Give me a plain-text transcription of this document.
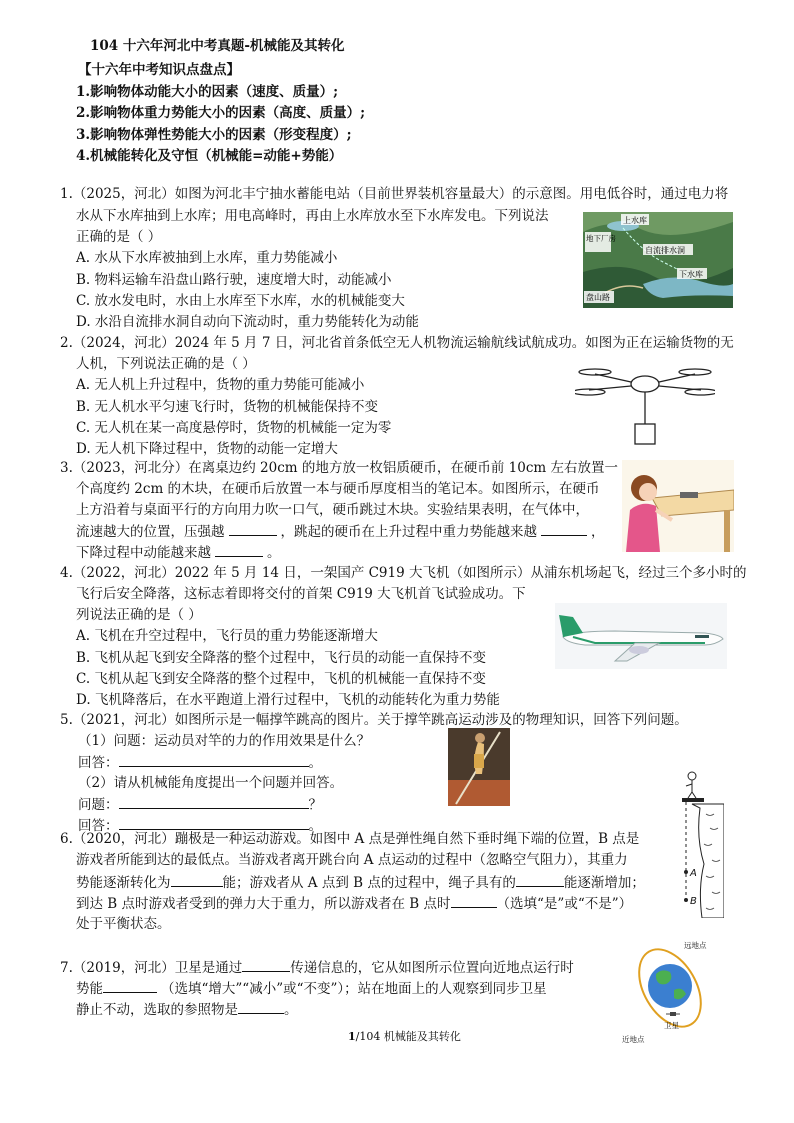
104 十六年河北中考真题-机械能及其转化
【十六年中考知识点盘点】
1.影响物体动能大小的因素（速度、质量）;
2.影响物体重力势能大小的因素（高度、质量）;
3.影响物体弹性势能大小的因素（形变程度）;
4.机械能转化及守恒（机械能=动能+势能）
1.（2025，河北）如图为河北丰宁抽水蓄能电站（目前世界装机容量最大）的示意图。用电低谷时，通过电力将
水从下水库抽到上水库；用电高峰时，再由上水库放水至下水库发电。下列说法
正确的是（ ）
A. 水从下水库被抽到上水库，重力势能减小
B. 物料运输车沿盘山路行驶，速度增大时，动能减小
C. 放水发电时，水由上水库至下水库，水的机械能变大
D. 水沿自流排水洞自动向下流动时，重力势能转化为动能
上水库
地下厂房
自流排水洞
下水库
盘山路
2.（2024，河北）2024 年 5 月 7 日，河北省首条低空无人机物流运输航线试航成功。如图为正在运输货物的无
人机，下列说法正确的是（ ）
A. 无人机上升过程中，货物的重力势能可能减小
B. 无人机水平匀速飞行时，货物的机械能保持不变
C. 无人机在某一高度悬停时，货物的机械能一定为零
D. 无人机下降过程中，货物的动能一定增大
3.（2023，河北分）在离桌边约 20cm 的地方放一枚铝质硬币，在硬币前 10cm 左右放置一
个高度约 2cm 的木块，在硬币后放置一本与硬币厚度相当的笔记本。如图所示，在硬币
上方沿着与桌面平行的方向用力吹一口气，硬币跳过木块。实验结果表明，在气体中，
流速越大的位置，压强越	，跳起的硬币在上升过程中重力势能越来越	，
下降过程中动能越来越	。
4.（2022，河北）2022 年 5 月 14 日，一架国产 C919 大飞机（如图所示）从浦东机场起飞，经过三个多小时的
飞行后安全降落，这标志着即将交付的首架 C919 大飞机首飞试验成功。下
列说法正确的是（ ）
A. 飞机在升空过程中，飞行员的重力势能逐渐增大
B. 飞机从起飞到安全降落的整个过程中，飞行员的动能一直保持不变
C. 飞机从起飞到安全降落的整个过程中，飞机的机械能一直保持不变
D. 飞机降落后，在水平跑道上滑行过程中，飞机的动能转化为重力势能
5.（2021，河北）如图所示是一幅撑竿跳高的图片。关于撑竿跳高运动涉及的物理知识，回答下列问题。
（1）问题：运动员对竿的力的作用效果是什么？
回答：	。
（2）请从机械能角度提出一个问题并回答。
问题：	？
回答：	。
A
B
6.（2020，河北）蹦极是一种运动游戏。如图中 A 点是弹性绳自然下垂时绳下端的位置，B 点是
游戏者所能到达的最低点。当游戏者离开跳台向 A 点运动的过程中（忽略空气阻力），其重力
势能逐渐转化为	能；游戏者从 A 点到 B 点的过程中，绳子具有的	能逐渐增加；
到达 B 点时游戏者受到的弹力大于重力，所以游戏者在 B 点时	（选填“是”或“不是”）
处于平衡状态。
7.（2019，河北）卫星是通过	传递信息的，它从如图所示位置向近地点运行时
势能	（选填“增大”“减小”或“不变”）；站在地面上的人观察到同步卫星
静止不动，选取的参照物是	。
远地点
卫星
近地点
1/104 机械能及其转化
